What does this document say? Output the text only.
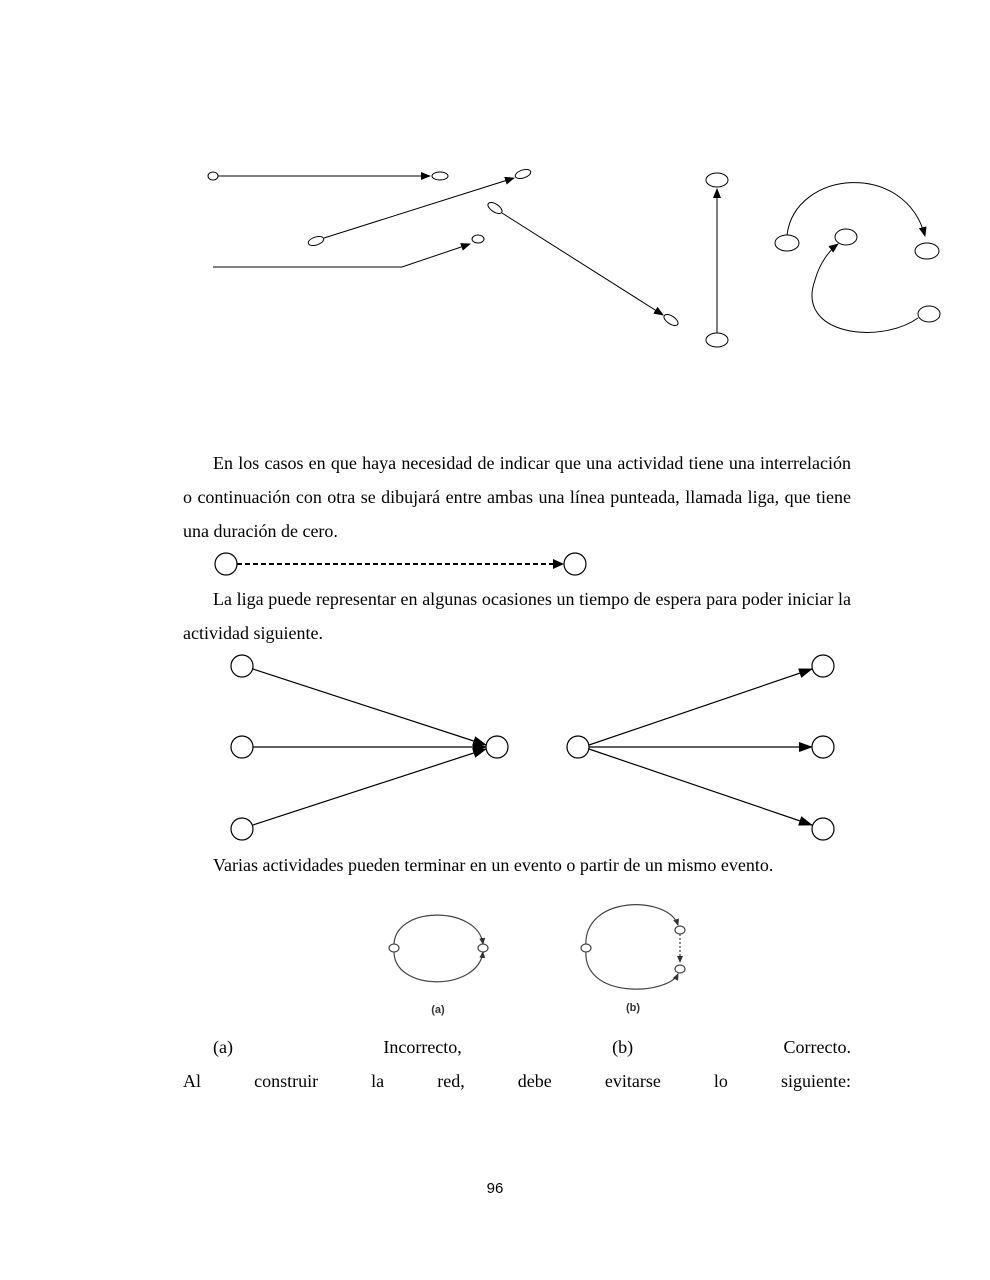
En los casos en que haya necesidad de indicar que una actividad tiene una interrelación o continuación con otra se dibujará entre ambas una línea punteada, llamada liga, que tiene una duración de cero.

La liga puede representar en algunas ocasiones un tiempo de espera para poder iniciar la actividad siguiente.

Varias actividades pueden terminar en un evento o partir de un mismo evento.

(a)	(b)

(a) Incorrecto, (b) Correcto.

Al construir la red, debe evitarse lo siguiente:

96
